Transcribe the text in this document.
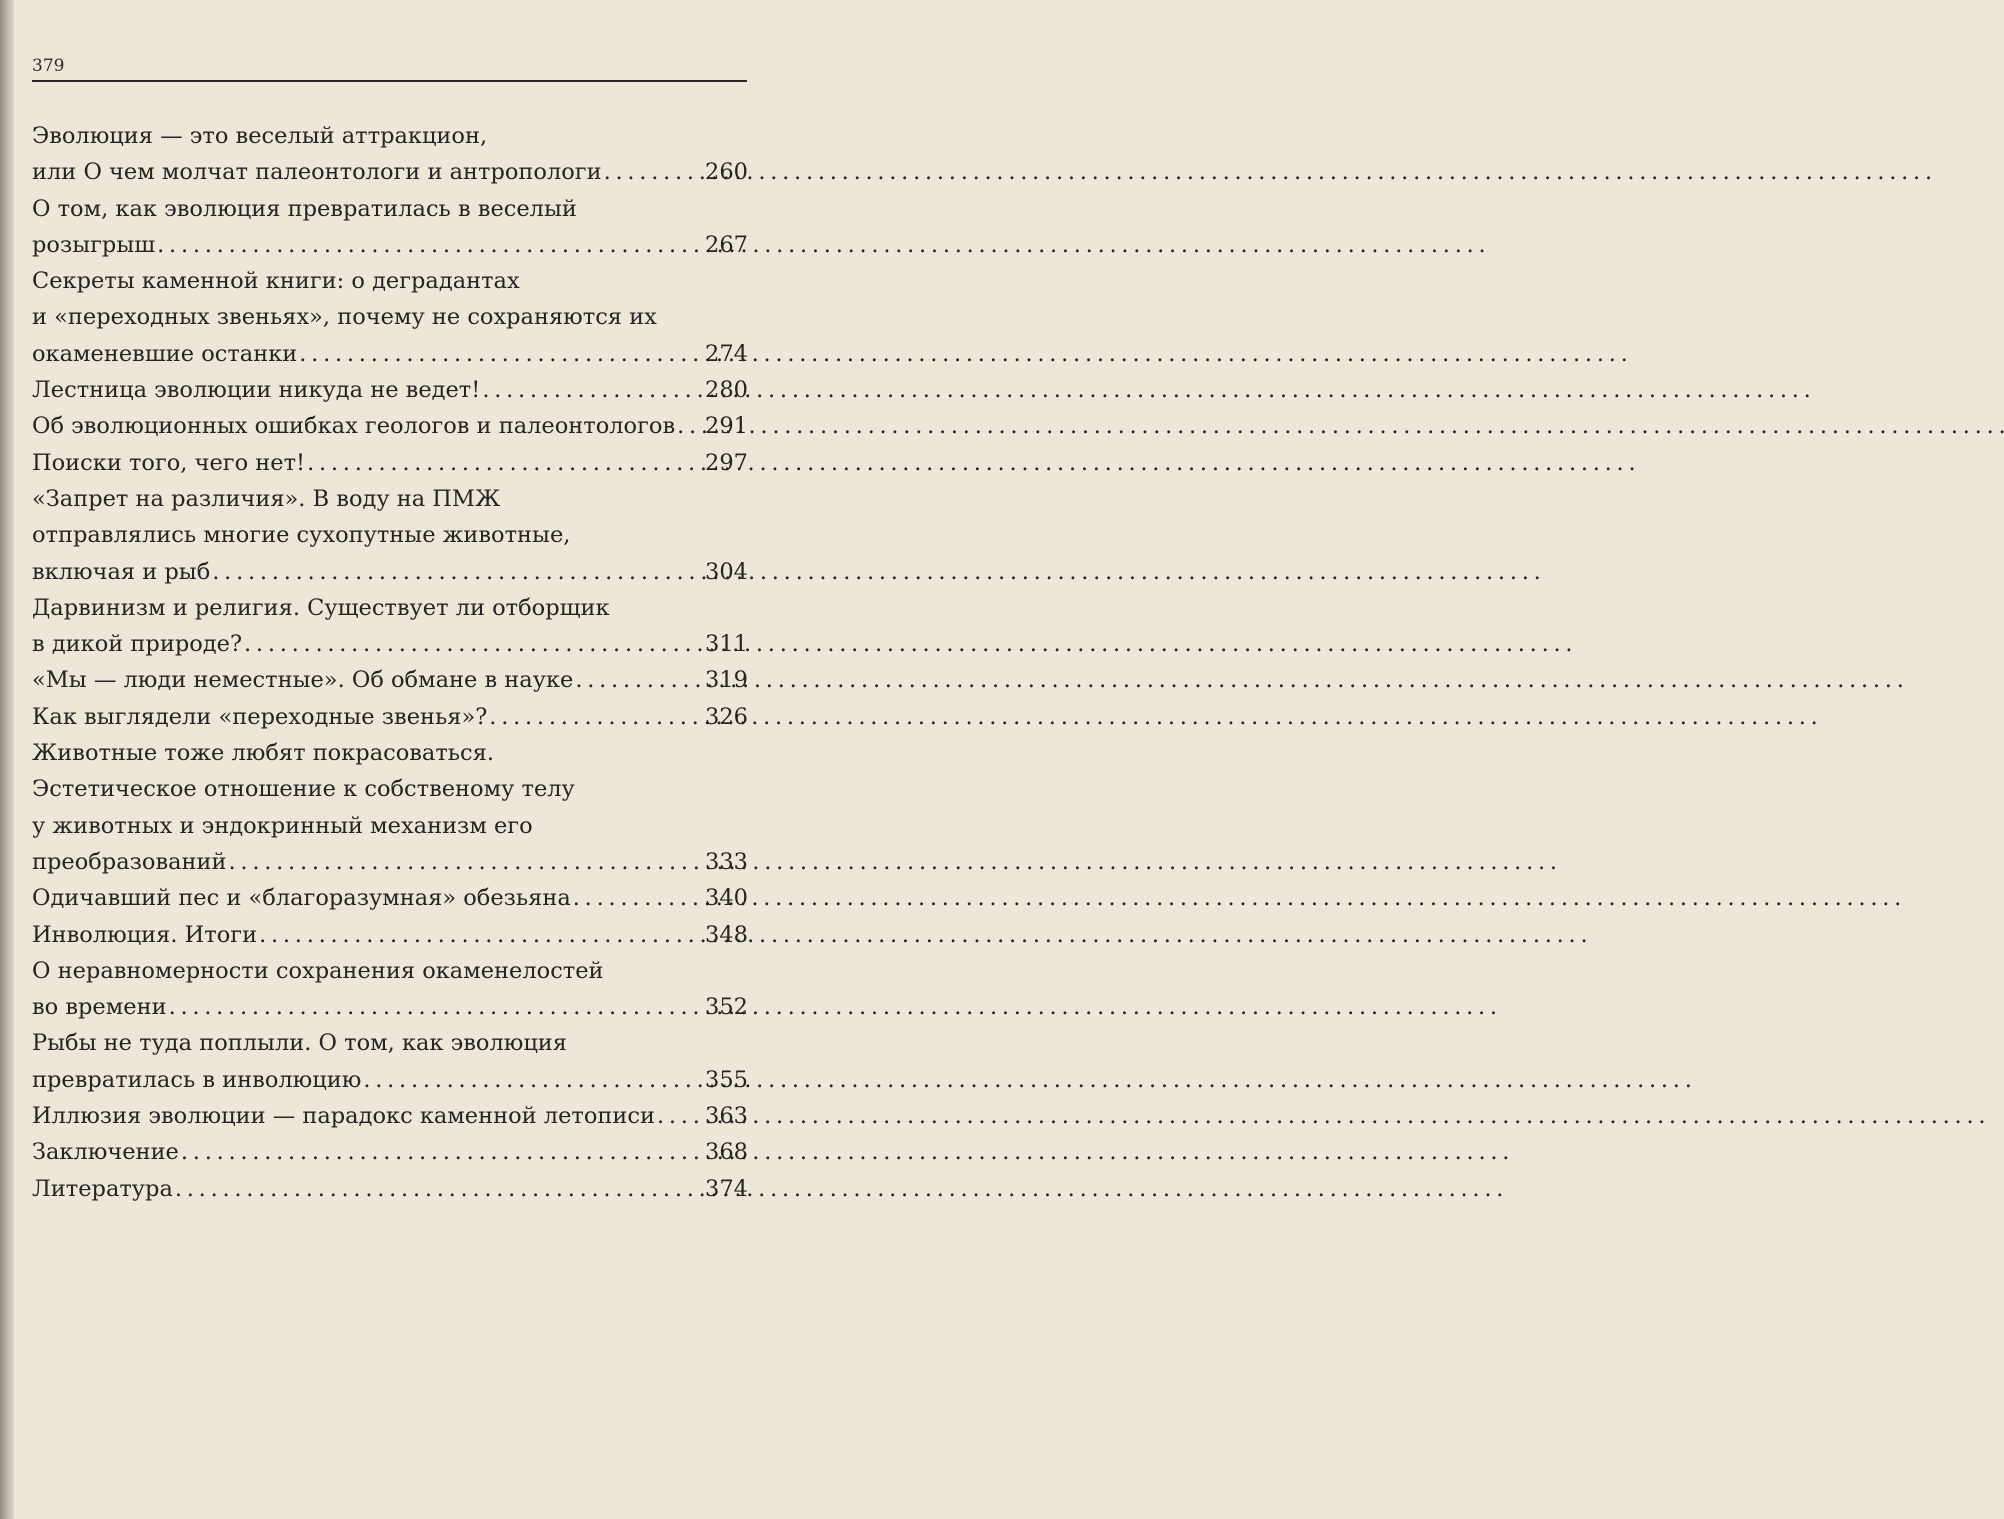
379
Эволюция — это веселый аттракцион,
или О чем молчат палеонтологи и антропологи . . .	260
О том, как эволюция превратилась в веселый
розыгрыш . . .	267
Секреты каменной книги: о деградантах
и «переходных звеньях», почему не сохраняются их
окаменевшие останки . . .	274
Лестница эволюции никуда не ведет! . . .	280
Об эволюционных ошибках геологов и палеонтологов . . . 291
Поиски того, чего нет! . . .	297
«Запрет на различия». В воду на ПМЖ
отправлялись многие сухопутные животные,
включая и рыб . . .	304
Дарвинизм и религия. Существует ли отборщик
в дикой природе? . . .	311
«Мы — люди неместные». Об обмане в науке . . .	319
Как выглядели «переходные звенья»? . . .	326
Животные тоже любят покрасоваться.
Эстетическое отношение к собственому телу
у животных и эндокринный механизм его
преобразований . . .	333
Одичавший пес и «благоразумная» обезьяна . . .	340
Инволюция. Итоги . . .	348
О неравномерности сохранения окаменелостей
во времени . . .	352
Рыбы не туда поплыли. О том, как эволюция
превратилась в инволюцию . . .	355
Иллюзия эволюции — парадокс каменной летописи . . . 363
Заключение . . .	368
Литература . . .	374
